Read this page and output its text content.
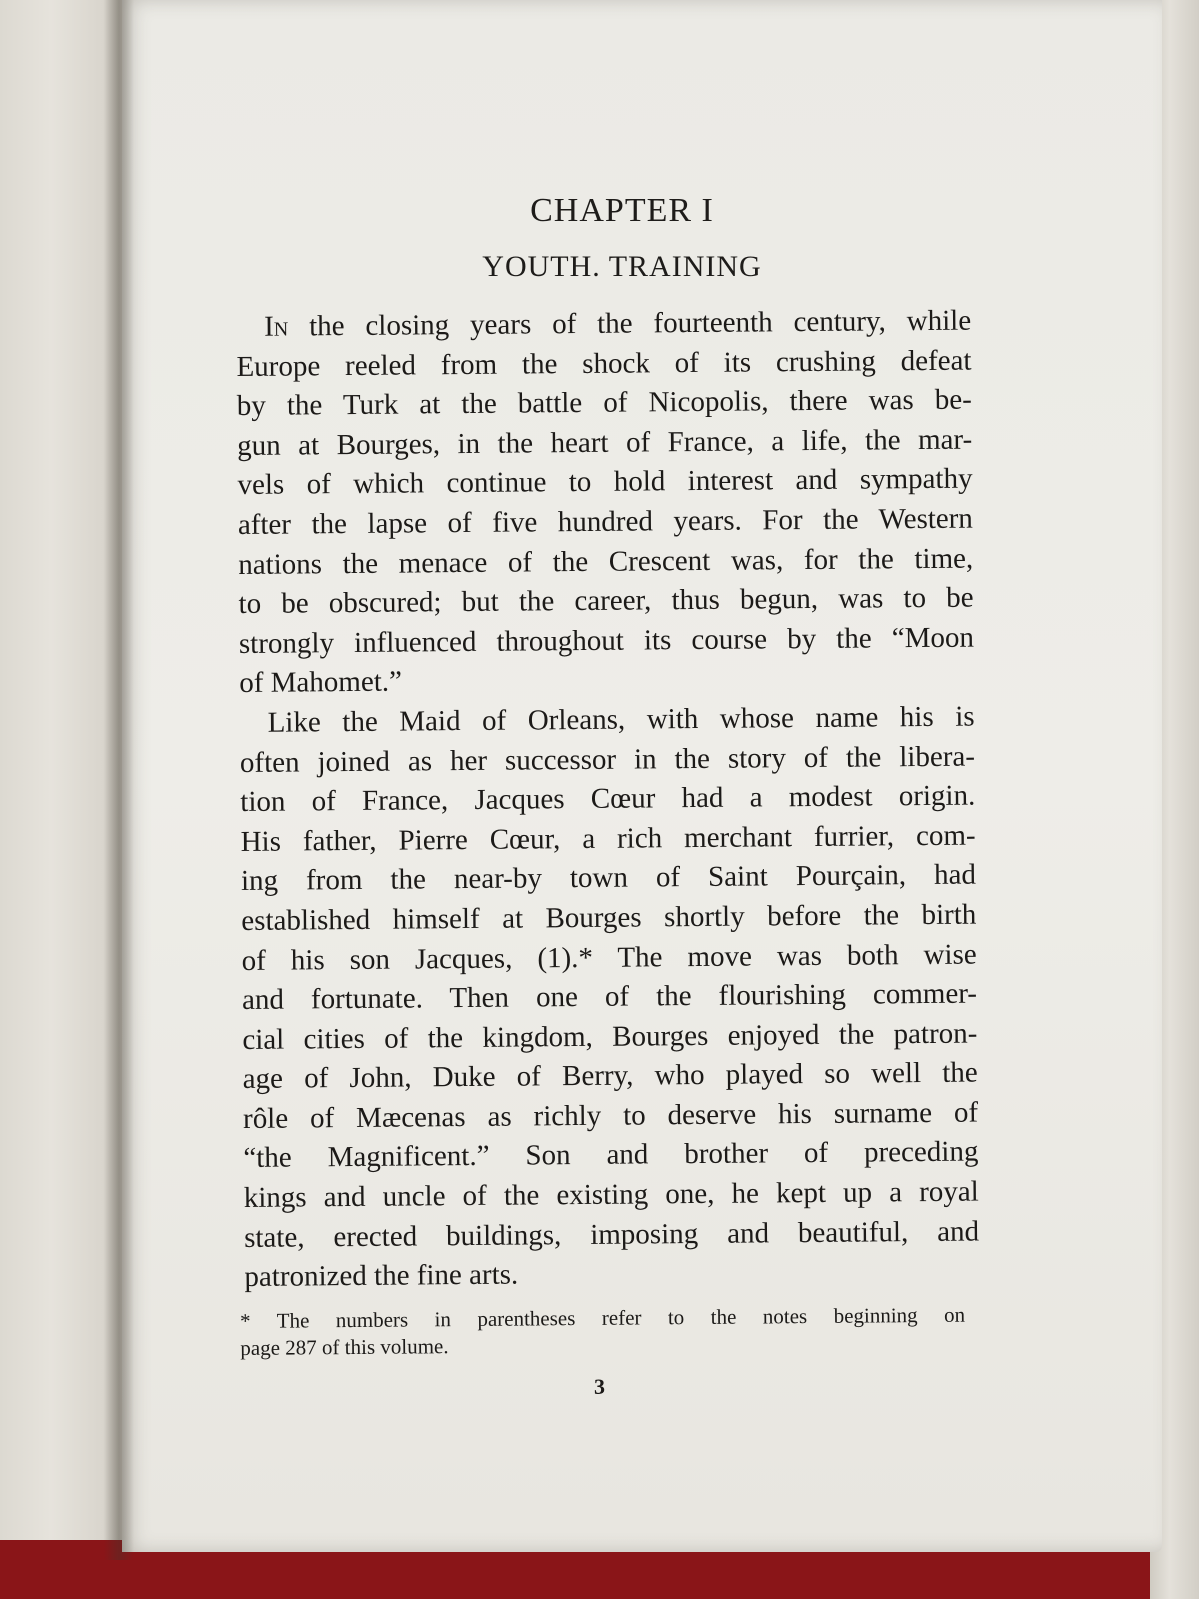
CHAPTER I
YOUTH. TRAINING
In the closing years of the fourteenth century, while
Europe reeled from the shock of its crushing defeat
by the Turk at the battle of Nicopolis, there was be-
gun at Bourges, in the heart of France, a life, the mar-
vels of which continue to hold interest and sympathy
after the lapse of five hundred years. For the Western
nations the menace of the Crescent was, for the time,
to be obscured; but the career, thus begun, was to be
strongly influenced throughout its course by the “Moon
of Mahomet.”
Like the Maid of Orleans, with whose name his is
often joined as her successor in the story of the libera-
tion of France, Jacques Cœur had a modest origin.
His father, Pierre Cœur, a rich merchant furrier, com-
ing from the near-by town of Saint Pourçain, had
established himself at Bourges shortly before the birth
of his son Jacques, (1).* The move was both wise
and fortunate. Then one of the flourishing commer-
cial cities of the kingdom, Bourges enjoyed the patron-
age of John, Duke of Berry, who played so well the
rôle of Mæcenas as richly to deserve his surname of
“the Magnificent.” Son and brother of preceding
kings and uncle of the existing one, he kept up a royal
state, erected buildings, imposing and beautiful, and
patronized the fine arts.
* The numbers in parentheses refer to the notes beginning on
page 287 of this volume.
3
